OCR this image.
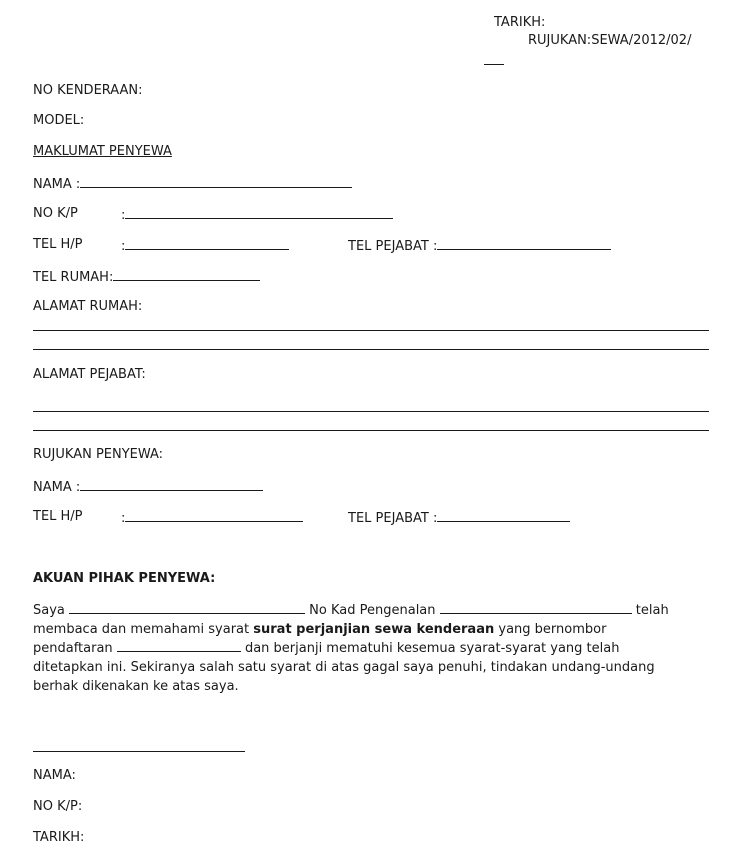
TARIKH:
RUJUKAN:SEWA/2012/02/
NO KENDERAAN:
MODEL:
MAKLUMAT PENYEWA
NAMA :
NO K/P	:
TEL H/P	:	TEL PEJABAT :
TEL RUMAH:
ALAMAT RUMAH:
ALAMAT PEJABAT:
RUJUKAN PENYEWA:
NAMA :
TEL H/P	:	TEL PEJABAT :
AKUAN PIHAK PENYEWA:
Saya	No Kad Pengenalan	telah
membaca dan memahami syarat surat perjanjian sewa kenderaan yang bernombor
pendaftaran	dan berjanji mematuhi kesemua syarat-syarat yang telah
ditetapkan ini. Sekiranya salah satu syarat di atas gagal saya penuhi, tindakan undang-undang
berhak dikenakan ke atas saya.
NAMA:
NO K/P:
TARIKH:
